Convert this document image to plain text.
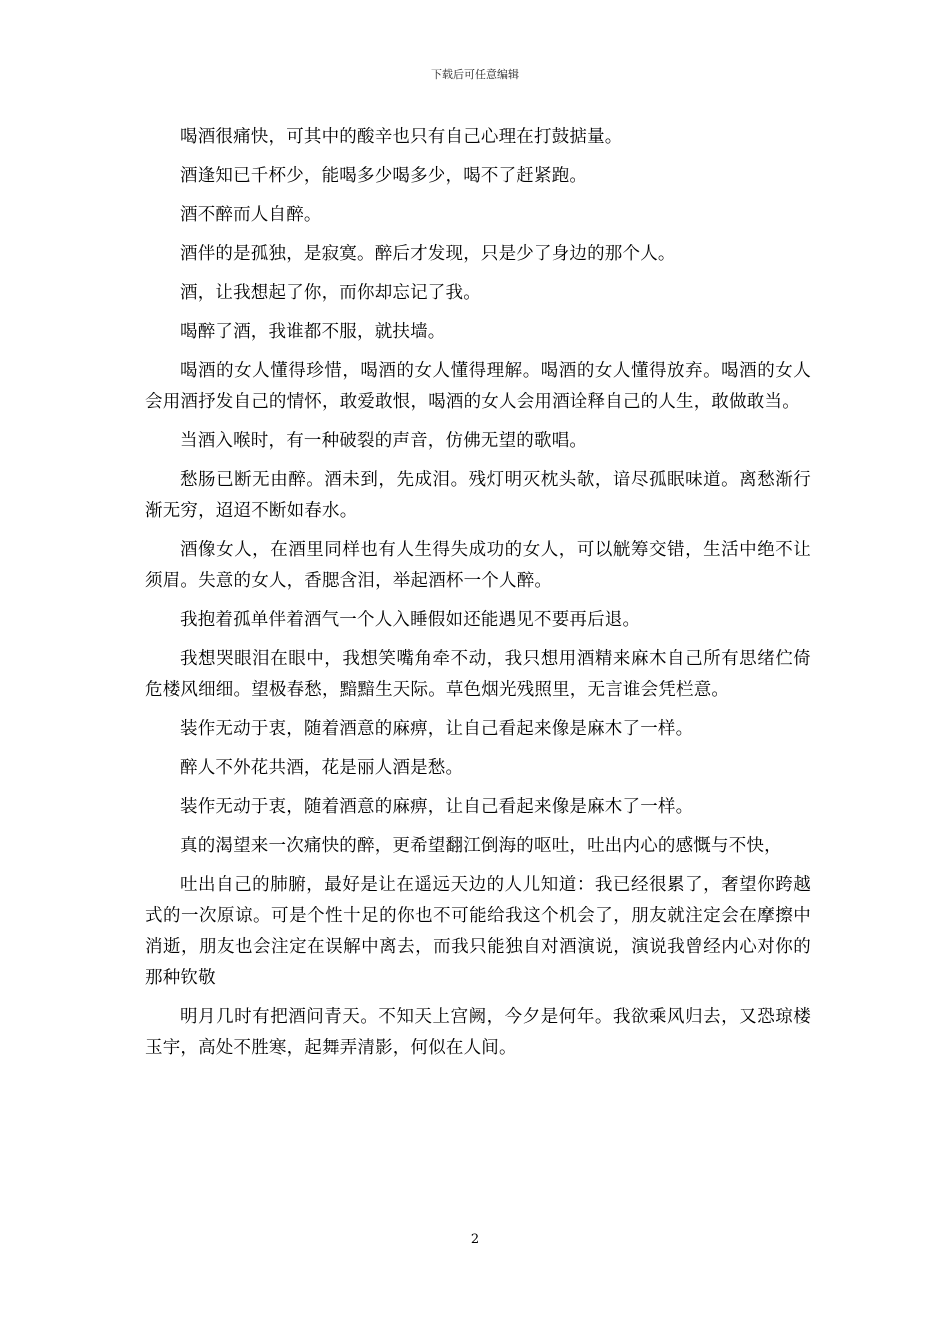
下载后可任意编辑

喝酒很痛快，可其中的酸辛也只有自己心理在打鼓掂量。

酒逢知已千杯少，能喝多少喝多少，喝不了赶紧跑。

酒不醉而人自醉。

酒伴的是孤独，是寂寞。醉后才发现，只是少了身边的那个人。

酒，让我想起了你，而你却忘记了我。

喝醉了酒，我谁都不服，就扶墙。

喝酒的女人懂得珍惜，喝酒的女人懂得理解。喝酒的女人懂得放弃。喝酒的女人会用酒抒发自己的情怀，敢爱敢恨，喝酒的女人会用酒诠释自己的人生，敢做敢当。

当酒入喉时，有一种破裂的声音，仿佛无望的歌唱。

愁肠已断无由醉。酒未到，先成泪。残灯明灭枕头欹，谙尽孤眠味道。离愁渐行渐无穷，迢迢不断如春水。

酒像女人，在酒里同样也有人生得失成功的女人，可以觥筹交错，生活中绝不让须眉。失意的女人，香腮含泪，举起酒杯一个人醉。

我抱着孤单伴着酒气一个人入睡假如还能遇见不要再后退。

我想哭眼泪在眼中，我想笑嘴角牵不动，我只想用酒精来麻木自己所有思绪伫倚危楼风细细。望极春愁，黯黯生天际。草色烟光残照里，无言谁会凭栏意。

装作无动于衷，随着酒意的麻痹，让自己看起来像是麻木了一样。

醉人不外花共酒，花是丽人酒是愁。

装作无动于衷，随着酒意的麻痹，让自己看起来像是麻木了一样。

真的渴望来一次痛快的醉，更希望翻江倒海的呕吐，吐出内心的感慨与不快，

吐出自己的肺腑，最好是让在遥远天边的人儿知道：我已经很累了，奢望你跨越式的一次原谅。可是个性十足的你也不可能给我这个机会了，朋友就注定会在摩擦中消逝，朋友也会注定在误解中离去，而我只能独自对酒演说，演说我曾经内心对你的那种钦敬

明月几时有把酒问青天。不知天上宫阙，今夕是何年。我欲乘风归去，又恐琼楼玉宇，高处不胜寒，起舞弄清影，何似在人间。

2
